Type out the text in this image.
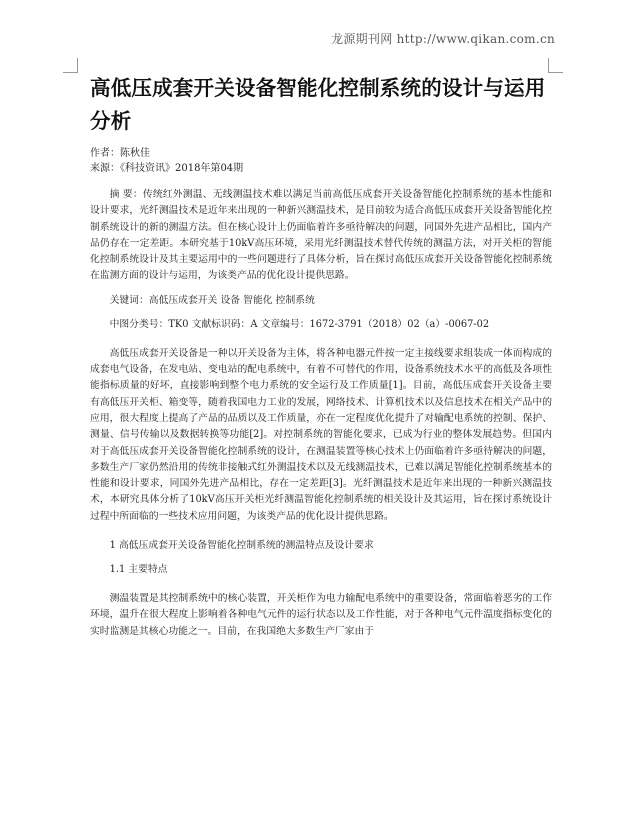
龙源期刊网 http://www.qikan.com.cn
高低压成套开关设备智能化控制系统的设计与运用分析
作者：陈秋佳
来源：《科技资讯》2018年第04期

摘 要：传统红外测温、无线测温技术难以满足当前高低压成套开关设备智能化控制系统的基本性能和设计要求，光纤测温技术是近年来出现的一种新兴测温技术，是目前较为适合高低压成套开关设备智能化控制系统设计的新的测温方法。但在核心设计上仍面临着许多亟待解决的问题，同国外先进产品相比，国内产品仍存在一定差距。本研究基于10kV高压环境，采用光纤测温技术替代传统的测温方法，对开关柜的智能化控制系统设计及其主要运用中的一些问题进行了具体分析，旨在探讨高低压成套开关设备智能化控制系统在监测方面的设计与运用，为该类产品的优化设计提供思路。

关键词：高低压成套开关 设备 智能化 控制系统

中图分类号：TK0 文献标识码：A 文章编号：1672-3791（2018）02（a）-0067-02

高低压成套开关设备是一种以开关设备为主体，将各种电器元件按一定主接线要求组装成一体而构成的成套电气设备，在发电站、变电站的配电系统中，有着不可替代的作用，设备系统技术水平的高低及各项性能指标质量的好坏，直接影响到整个电力系统的安全运行及工作质量[1]。目前，高低压成套开关设备主要有高低压开关柜、箱变等，随着我国电力工业的发展，网络技术、计算机技术以及信息技术在相关产品中的应用，很大程度上提高了产品的品质以及工作质量，亦在一定程度优化提升了对输配电系统的控制、保护、测量、信号传输以及数据转换等功能[2]。对控制系统的智能化要求，已成为行业的整体发展趋势。但国内对于高低压成套开关设备智能化控制系统的设计，在测温装置等核心技术上仍面临着许多亟待解决的问题，多数生产厂家仍然沿用的传统非接触式红外测温技术以及无线测温技术，已难以满足智能化控制系统基本的性能和设计要求，同国外先进产品相比，存在一定差距[3]。光纤测温技术是近年来出现的一种新兴测温技术，本研究具体分析了10kV高压开关柜光纤测温智能化控制系统的相关设计及其运用，旨在探讨系统设计过程中所面临的一些技术应用问题，为该类产品的优化设计提供思路。

1 高低压成套开关设备智能化控制系统的测温特点及设计要求

1.1 主要特点

测温装置是其控制系统中的核心装置，开关柜作为电力输配电系统中的重要设备，常面临着恶劣的工作环境，温升在很大程度上影响着各种电气元件的运行状态以及工作性能，对于各种电气元件温度指标变化的实时监测是其核心功能之一。目前，在我国绝大多数生产厂家由于
